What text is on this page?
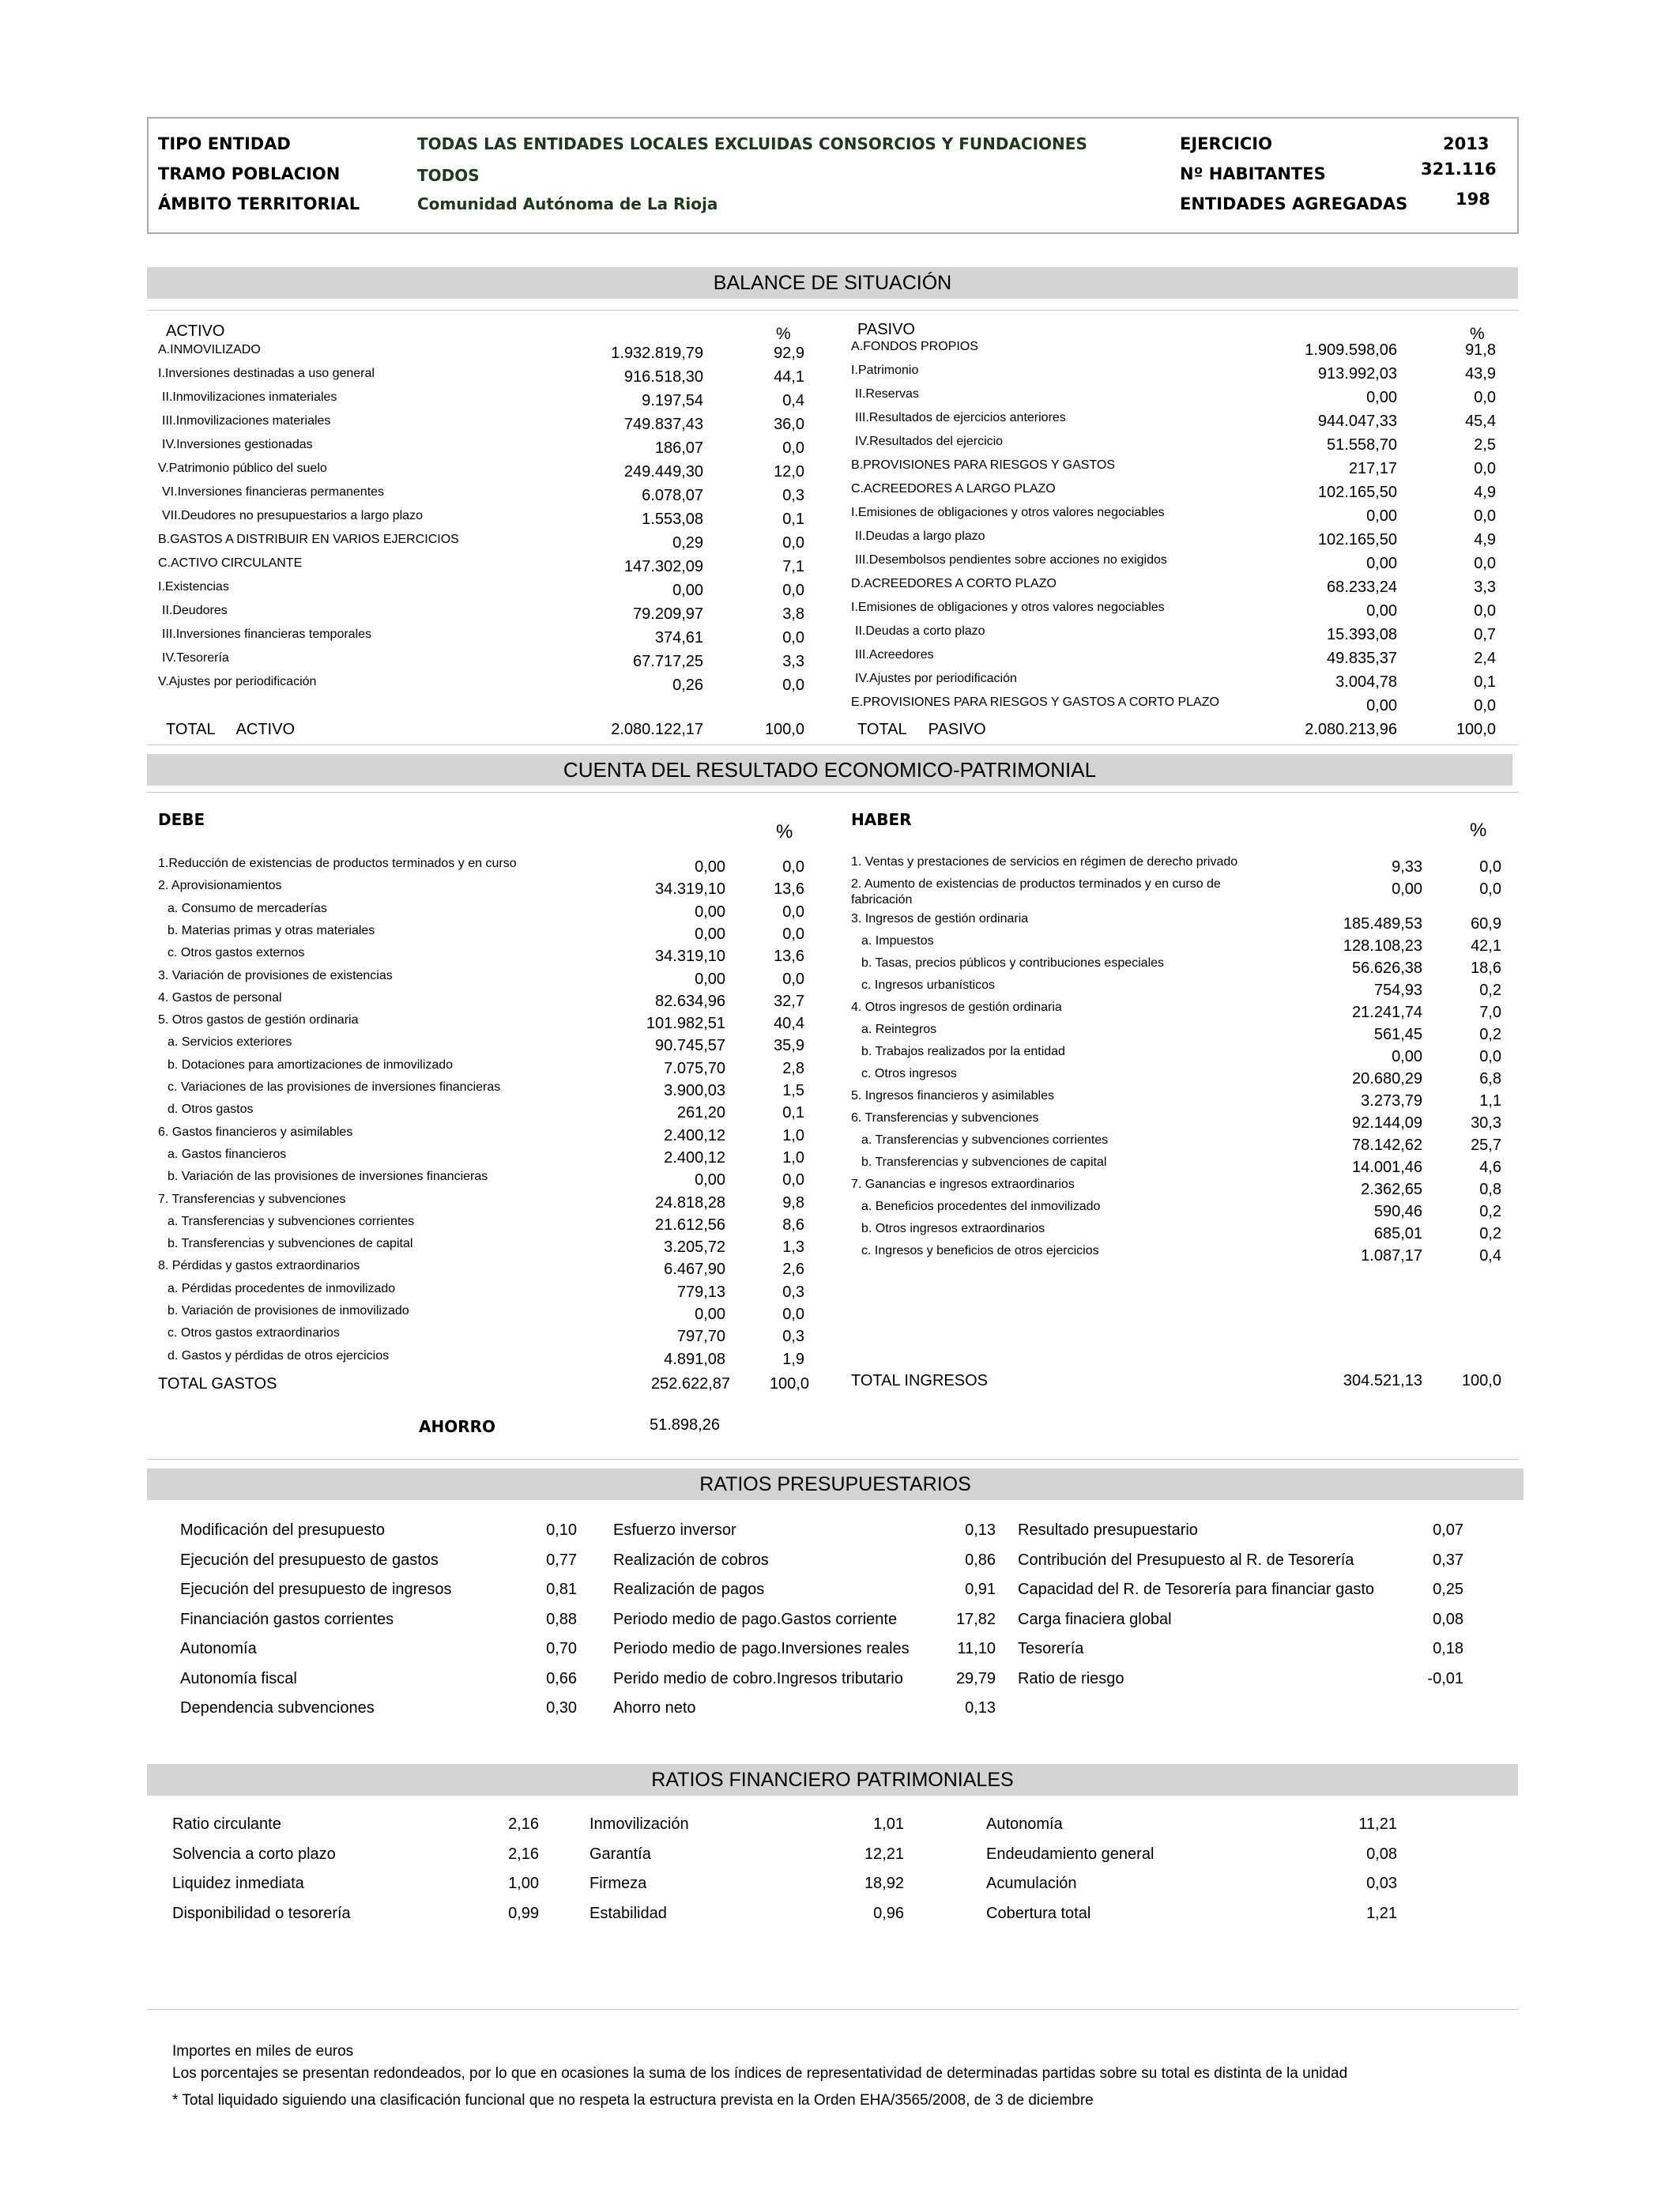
TIPO ENTIDAD	TODAS LAS ENTIDADES LOCALES EXCLUIDAS CONSORCIOS Y FUNDACIONES
TRAMO POBLACION	TODOS
ÁMBITO TERRITORIAL	Comunidad Autónoma de La Rioja
EJERCICIO	2013
Nº HABITANTES	321.116
ENTIDADES AGREGADAS	198
BALANCE DE SITUACIÓN
ACTIVO	%	PASIVO	%
A.INMOVILIZADO	1.932.819,79	92,9
I.Inversiones destinadas a uso general	916.518,30	44,1
II.Inmovilizaciones inmateriales	9.197,54	0,4
III.Inmovilizaciones materiales	749.837,43	36,0
IV.Inversiones gestionadas	186,07	0,0
V.Patrimonio público del suelo	249.449,30	12,0
VI.Inversiones financieras permanentes	6.078,07	0,3
VII.Deudores no presupuestarios a largo plazo	1.553,08	0,1
B.GASTOS A DISTRIBUIR EN VARIOS EJERCICIOS	0,29	0,0
C.ACTIVO CIRCULANTE	147.302,09	7,1
I.Existencias	0,00	0,0
II.Deudores	79.209,97	3,8
III.Inversiones financieras temporales	374,61	0,0
IV.Tesorería	67.717,25	3,3
V.Ajustes por periodificación	0,26	0,0
A.FONDOS PROPIOS	1.909.598,06	91,8
I.Patrimonio	913.992,03	43,9
II.Reservas	0,00	0,0
III.Resultados de ejercicios anteriores	944.047,33	45,4
IV.Resultados del ejercicio	51.558,70	2,5
B.PROVISIONES PARA RIESGOS Y GASTOS	217,17	0,0
C.ACREEDORES A LARGO PLAZO	102.165,50	4,9
I.Emisiones de obligaciones y otros valores negociables	0,00	0,0
II.Deudas a largo plazo	102.165,50	4,9
III.Desembolsos pendientes sobre acciones no exigidos	0,00	0,0
D.ACREEDORES A CORTO PLAZO	68.233,24	3,3
I.Emisiones de obligaciones y otros valores negociables	0,00	0,0
II.Deudas a corto plazo	15.393,08	0,7
III.Acreedores	49.835,37	2,4
IV.Ajustes por periodificación	3.004,78	0,1
E.PROVISIONES PARA RIESGOS Y GASTOS A CORTO PLAZO	0,00	0,0
TOTAL     ACTIVO	2.080.122,17	100,0	TOTAL     PASIVO	2.080.213,96	100,0
CUENTA DEL RESULTADO ECONOMICO-PATRIMONIAL
DEBE
%
HABER	%
1.Reducción de existencias de productos terminados y en curso	0,00	0,0
2. Aprovisionamientos	34.319,10	13,6
a. Consumo de mercaderías	0,00	0,0
b. Materias primas y otras materiales	0,00	0,0
c. Otros gastos externos	34.319,10	13,6
3. Variación de provisiones de existencias	0,00	0,0
4. Gastos de personal	82.634,96	32,7
5. Otros gastos de gestión ordinaria	101.982,51	40,4
a. Servicios exteriores	90.745,57	35,9
b. Dotaciones para amortizaciones de inmovilizado	7.075,70	2,8
c. Variaciones de las provisiones de inversiones financieras	3.900,03	1,5
d. Otros gastos	261,20	0,1
6. Gastos financieros y asimilables	2.400,12	1,0
a. Gastos financieros	2.400,12	1,0
b. Variación de las provisiones de inversiones financieras	0,00	0,0
7. Transferencias y subvenciones	24.818,28	9,8
a. Transferencias y subvenciones corrientes	21.612,56	8,6
b. Transferencias y subvenciones de capital	3.205,72	1,3
8. Pérdidas y gastos extraordinarios	6.467,90	2,6
a. Pérdidas procedentes de inmovilizado	779,13	0,3
b. Variación de provisiones de inmovilizado	0,00	0,0
c. Otros gastos extraordinarios	797,70	0,3
d. Gastos y pérdidas de otros ejercicios	4.891,08	1,9
1. Ventas y prestaciones de servicios en régimen de derecho privado	9,33	0,0
2. Aumento de existencias de productos terminados y en curso de
fabricación
0,00	0,0
3. Ingresos de gestión ordinaria	185.489,53	60,9
a. Impuestos	128.108,23	42,1
b. Tasas, precios públicos y contribuciones especiales	56.626,38	18,6
c. Ingresos urbanísticos	754,93	0,2
4. Otros ingresos de gestión ordinaria	21.241,74	7,0
a. Reintegros	561,45	0,2
b. Trabajos realizados por la entidad	0,00	0,0
c. Otros ingresos	20.680,29	6,8
5. Ingresos financieros y asimilables	3.273,79	1,1
6. Transferencias y subvenciones	92.144,09	30,3
a. Transferencias y subvenciones corrientes	78.142,62	25,7
b. Transferencias y subvenciones de capital	14.001,46	4,6
7. Ganancias e ingresos extraordinarios	2.362,65	0,8
a. Beneficios procedentes del inmovilizado	590,46	0,2
b. Otros ingresos extraordinarios	685,01	0,2
c. Ingresos y beneficios de otros ejercicios	1.087,17	0,4
TOTAL GASTOS	252.622,87 100,0	TOTAL INGRESOS	304.521,13 100,0
AHORRO	51.898,26
RATIOS PRESUPUESTARIOS
Modificación del presupuesto	0,10
Ejecución del presupuesto de gastos	0,77
Ejecución del presupuesto de ingresos	0,81
Financiación gastos corrientes	0,88
Autonomía	0,70
Autonomía fiscal	0,66
Dependencia subvenciones	0,30
Esfuerzo inversor	0,13
Realización de cobros	0,86
Realización de pagos	0,91
Periodo medio de pago.Gastos corriente	17,82
Periodo medio de pago.Inversiones reales	11,10
Perido medio de cobro.Ingresos tributario	29,79
Ahorro neto	0,13
Resultado presupuestario	0,07
Contribución del Presupuesto al R. de Tesorería	0,37
Capacidad del R. de Tesorería para financiar gasto	0,25
Carga finaciera global	0,08
Tesorería	0,18
Ratio de riesgo	-0,01
RATIOS FINANCIERO PATRIMONIALES
Ratio circulante	2,16
Solvencia a corto plazo	2,16
Liquidez inmediata	1,00
Disponibilidad o tesorería	0,99
Inmovilización	1,01
Garantía	12,21
Firmeza	18,92
Estabilidad	0,96
Autonomía	11,21
Endeudamiento general	0,08
Acumulación	0,03
Cobertura total	1,21
Importes en miles de euros
Los porcentajes se presentan redondeados, por lo que en ocasiones la suma de los índices de representatividad de determinadas partidas sobre su total es distinta de la unidad
* Total liquidado siguiendo una clasificación funcional que no respeta la estructura prevista en la Orden EHA/3565/2008, de 3 de diciembre
